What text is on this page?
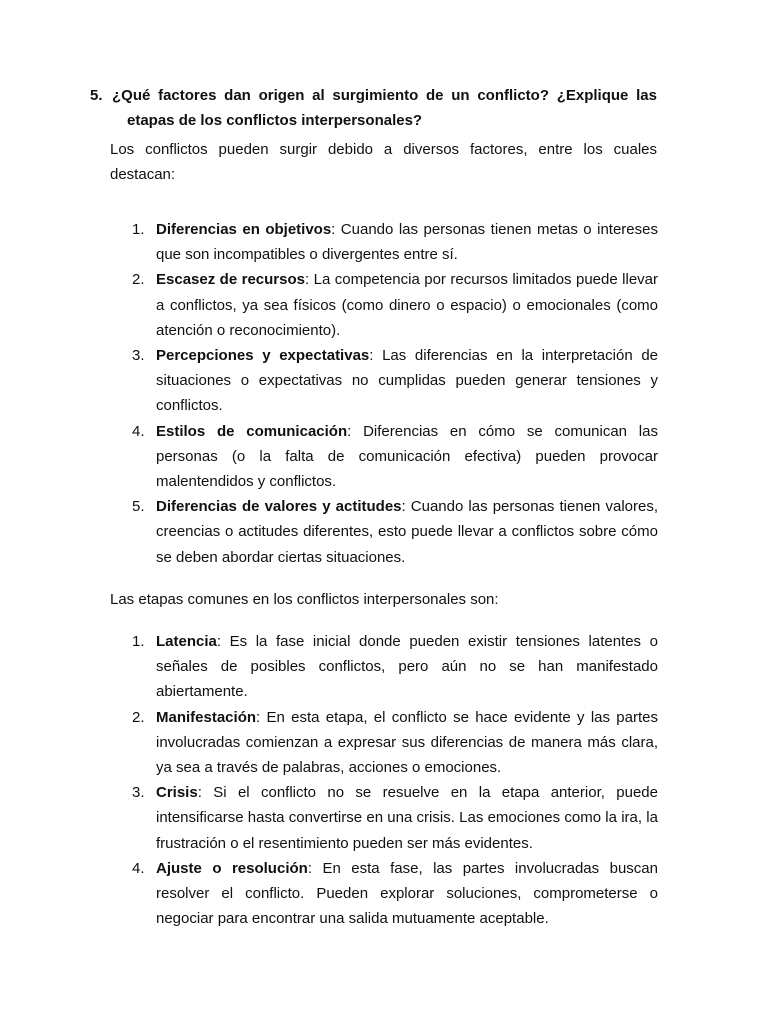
5. ¿Qué factores dan origen al surgimiento de un conflicto? ¿Explique las etapas de los conflictos interpersonales?

Los conflictos pueden surgir debido a diversos factores, entre los cuales destacan:

1. Diferencias en objetivos: Cuando las personas tienen metas o intereses que son incompatibles o divergentes entre sí.
2. Escasez de recursos: La competencia por recursos limitados puede llevar a conflictos, ya sea físicos (como dinero o espacio) o emocionales (como atención o reconocimiento).
3. Percepciones y expectativas: Las diferencias en la interpretación de situaciones o expectativas no cumplidas pueden generar tensiones y conflictos.
4. Estilos de comunicación: Diferencias en cómo se comunican las personas (o la falta de comunicación efectiva) pueden provocar malentendidos y conflictos.
5. Diferencias de valores y actitudes: Cuando las personas tienen valores, creencias o actitudes diferentes, esto puede llevar a conflictos sobre cómo se deben abordar ciertas situaciones.

Las etapas comunes en los conflictos interpersonales son:

1. Latencia: Es la fase inicial donde pueden existir tensiones latentes o señales de posibles conflictos, pero aún no se han manifestado abiertamente.
2. Manifestación: En esta etapa, el conflicto se hace evidente y las partes involucradas comienzan a expresar sus diferencias de manera más clara, ya sea a través de palabras, acciones o emociones.
3. Crisis: Si el conflicto no se resuelve en la etapa anterior, puede intensificarse hasta convertirse en una crisis. Las emociones como la ira, la frustración o el resentimiento pueden ser más evidentes.
4. Ajuste o resolución: En esta fase, las partes involucradas buscan resolver el conflicto. Pueden explorar soluciones, comprometerse o negociar para encontrar una salida mutuamente aceptable.
